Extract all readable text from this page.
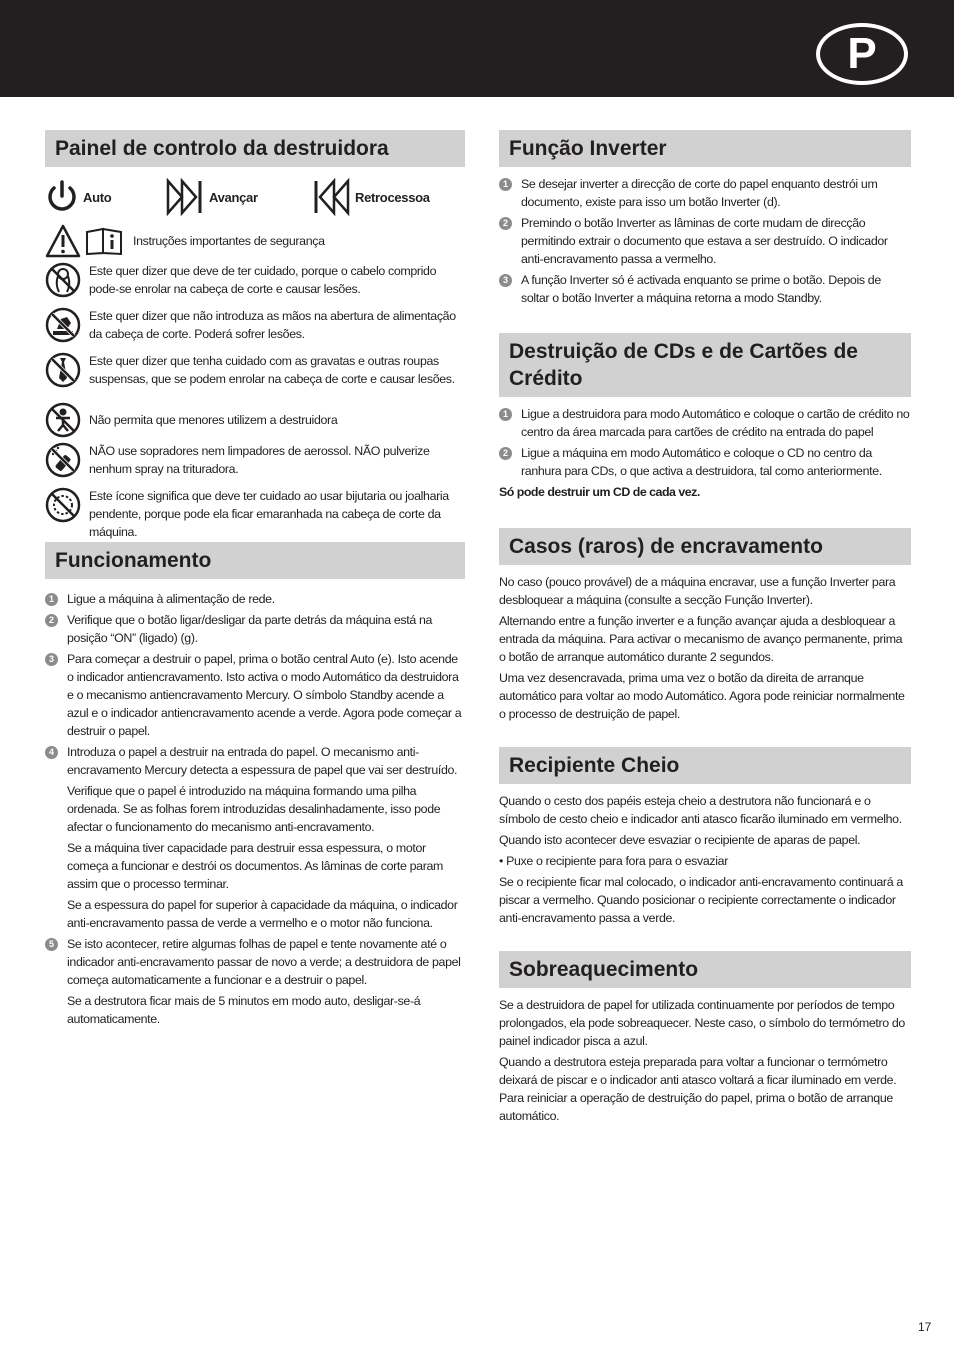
P
Painel de controlo da destruidora
Auto	Avançar	Retrocessoa
Instruções importantes de segurança
Este quer dizer que deve de ter cuidado, porque o cabelo comprido pode-se enrolar na cabeça de corte e causar lesões.
Este quer dizer que não introduza as mãos na abertura de alimentação da cabeça de corte. Poderá sofrer lesões.
Este quer dizer que tenha cuidado com as gravatas e outras roupas suspensas, que se podem enrolar na cabeça de corte e causar lesões.
Não permita que menores utilizem a destruidora
NÃO use sopradores nem limpadores de aerossol. NÃO pulverize nenhum spray na trituradora.
Este ícone significa que deve ter cuidado ao usar bijutaria ou joalharia pendente, porque pode ela ficar emaranhada na cabeça de corte da máquina.
Funcionamento
1	Ligue a máquina à alimentação de rede.
2	Verifique que o botão ligar/desligar da parte detrás da máquina está na posição “ON” (ligado) (g).
3	Para começar a destruir o papel, prima o botão central Auto (e). Isto acende o indicador antiencravamento. Isto activa o modo Automático da destruidora e o mecanismo antiencravamento Mercury. O símbolo Standby acende a azul e o indicador antiencravamento acende a verde. Agora pode começar a destruir o papel.
4	Introduza o papel a destruir na entrada do papel. O mecanismo anti-encravamento Mercury detecta a espessura de papel que vai ser destruído.
Verifique que o papel é introduzido na máquina formando uma pilha ordenada. Se as folhas forem introduzidas desalinhadamente, isso pode afectar o funcionamento do mecanismo anti-encravamento.
Se a máquina tiver capacidade para destruir essa espessura, o motor começa a funcionar e destrói os documentos. As lâminas de corte param assim que o processo terminar.
Se a espessura do papel for superior à capacidade da máquina, o indicador anti-encravamento passa de verde a vermelho e o motor não funciona.
5	Se isto acontecer, retire algumas folhas de papel e tente novamente até o indicador anti-encravamento passar de novo a verde; a destruidora de papel começa automaticamente a funcionar e a destruir o papel.
Se a destrutora ficar mais de 5 minutos em modo auto, desligar-se-á automaticamente.
Função Inverter
1	Se desejar inverter a direcção de corte do papel enquanto destrói um documento, existe para isso um botão Inverter (d).
2	Premindo o botão Inverter as lâminas de corte mudam de direcção permitindo extrair o documento que estava a ser destruído. O indicador anti-encravamento passa a vermelho.
3	A função Inverter só é activada enquanto se prime o botão. Depois de soltar o botão Inverter a máquina retorna a modo Standby.
Destruição de CDs e de Cartões de Crédito
1	Ligue a destruidora para modo Automático e coloque o cartão de crédito no centro da área marcada para cartões de crédito na entrada do papel
2	Ligue a máquina em modo Automático e coloque o CD no centro da ranhura para CDs, o que activa a destruidora, tal como anteriormente.
Só pode destruir um CD de cada vez.
Casos (raros) de encravamento
No caso (pouco provável) de a máquina encravar, use a função Inverter para desbloquear a máquina (consulte a secção Função Inverter).
Alternando entre a função inverter e a função avançar ajuda a desbloquear a entrada da máquina. Para activar o mecanismo de avanço permanente, prima o botão de arranque automático durante 2 segundos.
Uma vez desencravada, prima uma vez o botão da direita de arranque automático para voltar ao modo Automático. Agora pode reiniciar normalmente o processo de destruição de papel.
Recipiente Cheio
Quando o cesto dos papéis esteja cheio a destrutora não funcionará e o símbolo de cesto cheio e indicador anti atasco ficarão iluminado em vermelho.
Quando isto acontecer deve esvaziar o recipiente de aparas de papel.
• Puxe o recipiente para fora para o esvaziar
Se o recipiente ficar mal colocado, o indicador anti-encravamento continuará a piscar a vermelho. Quando posicionar o recipiente correctamente o indicador anti-encravamento passa a verde.
Sobreaquecimento
Se a destruidora de papel for utilizada continuamente por períodos de tempo prolongados, ela pode sobreaquecer. Neste caso, o símbolo do termómetro do painel indicador pisca a azul.
Quando a destrutora esteja preparada para voltar a funcionar o termómetro deixará de piscar e o indicador anti atasco voltará a ficar iluminado em verde. Para reiniciar a operação de destruição do papel, prima o botão de arranque automático.
17
